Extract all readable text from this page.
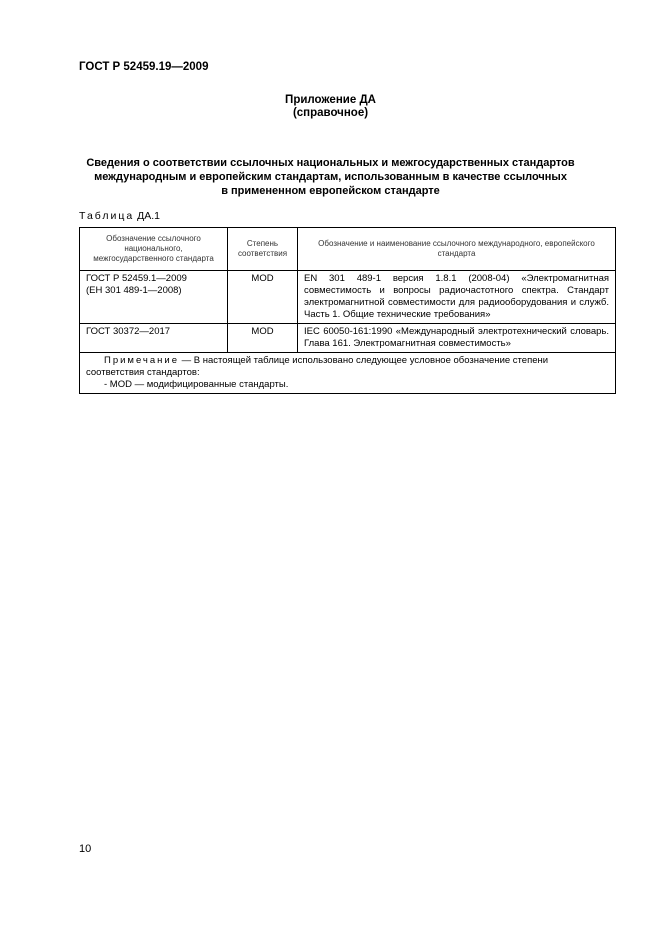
ГОСТ Р 52459.19—2009
Приложение ДА
(справочное)
Сведения о соответствии ссылочных национальных и межгосударственных стандартов
международным и европейским стандартам, использованным в качестве ссылочных
в примененном европейском стандарте
Таблица ДА.1
Обозначение ссылочного национального, межгосударственного стандарта	Степень соответствия	Обозначение и наименование ссылочного международного, европейского стандарта

ГОСТ Р 52459.1—2009
(ЕН 301 489-1—2008)	MOD	EN 301 489-1 версия 1.8.1 (2008-04) «Электромагнитная совместимость и вопросы радиочастотного спектра. Стандарт электромагнитной совместимости для радиооборудования и служб. Часть 1. Общие технические требования»

ГОСТ 30372—2017	MOD	IEC 60050-161:1990 «Международный электротехнический словарь. Глава 161. Электромагнитная совместимость»

Примечание — В настоящей таблице использовано следующее условное обозначение степени соответствия стандартов:
- MOD — модифицированные стандарты.		
10
